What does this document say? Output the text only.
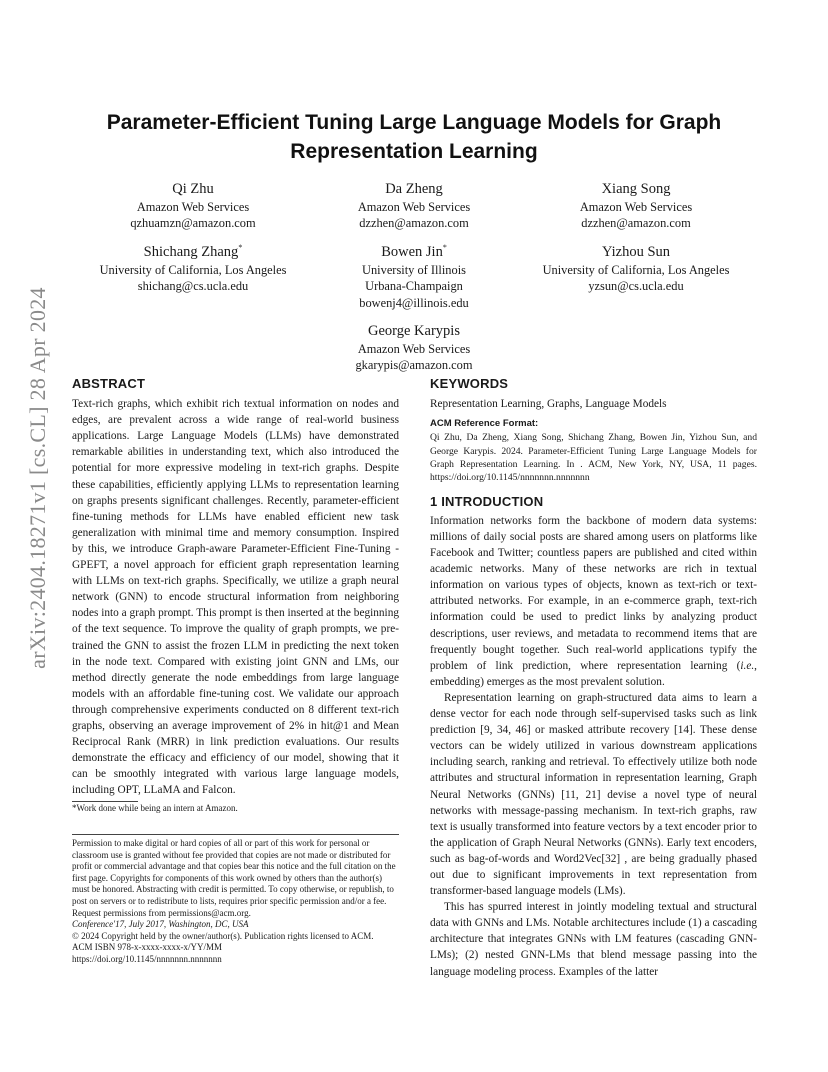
arXiv:2404.18271v1 [cs.CL] 28 Apr 2024
Parameter-Efficient Tuning Large Language Models for Graph
Representation Learning
Qi Zhu
Amazon Web Services
qzhuamzn@amazon.com
Da Zheng
Amazon Web Services
dzzhen@amazon.com
Xiang Song
Amazon Web Services
dzzhen@amazon.com
Shichang Zhang*
University of California, Los Angeles
shichang@cs.ucla.edu
Bowen Jin*
University of Illinois
Urbana-Champaign
bowenj4@illinois.edu
Yizhou Sun
University of California, Los Angeles
yzsun@cs.ucla.edu
George Karypis
Amazon Web Services
gkarypis@amazon.com
ABSTRACT

Text-rich graphs, which exhibit rich textual information on nodes and edges, are prevalent across a wide range of real-world business applications. Large Language Models (LLMs) have demonstrated remarkable abilities in understanding text, which also introduced the potential for more expressive modeling in text-rich graphs. Despite these capabilities, efficiently applying LLMs to representation learning on graphs presents significant challenges. Recently, parameter-efficient fine-tuning methods for LLMs have enabled efficient new task generalization with minimal time and memory consumption. Inspired by this, we introduce Graph-aware Parameter-Efficient Fine-Tuning - GPEFT, a novel approach for efficient graph representation learning with LLMs on text-rich graphs. Specifically, we utilize a graph neural network (GNN) to encode structural information from neighboring nodes into a graph prompt. This prompt is then inserted at the beginning of the text sequence. To improve the quality of graph prompts, we pre-trained the GNN to assist the frozen LLM in predicting the next token in the node text. Compared with existing joint GNN and LMs, our method directly generate the node embeddings from large language models with an affordable fine-tuning cost. We validate our approach through comprehensive experiments conducted on 8 different text-rich graphs, observing an average improvement of 2% in hit@1 and Mean Reciprocal Rank (MRR) in link prediction evaluations. Our results demonstrate the efficacy and efficiency of our model, showing that it can be smoothly integrated with various large language models, including OPT, LLaMA and Falcon.

*Work done while being an intern at Amazon.

Permission to make digital or hard copies of all or part of this work for personal or classroom use is granted without fee provided that copies are not made or distributed for profit or commercial advantage and that copies bear this notice and the full citation on the first page. Copyrights for components of this work owned by others than the author(s) must be honored. Abstracting with credit is permitted. To copy otherwise, or republish, to post on servers or to redistribute to lists, requires prior specific permission and/or a fee. Request permissions from permissions@acm.org.

Conference'17, July 2017, Washington, DC, USA
© 2024 Copyright held by the owner/author(s). Publication rights licensed to ACM.
ACM ISBN 978-x-xxxx-xxxx-x/YY/MM
https://doi.org/10.1145/nnnnnnn.nnnnnnn
KEYWORDS
Representation Learning, Graphs, Language Models
ACM Reference Format:
Qi Zhu, Da Zheng, Xiang Song, Shichang Zhang, Bowen Jin, Yizhou Sun, and George Karypis. 2024. Parameter-Efficient Tuning Large Language Models for Graph Representation Learning. In . ACM, New York, NY, USA, 11 pages. https://doi.org/10.1145/nnnnnnn.nnnnnnn
1 INTRODUCTION

Information networks form the backbone of modern data systems: millions of daily social posts are shared among users on platforms like Facebook and Twitter; countless papers are published and cited within academic networks. Many of these networks are rich in textual information on various types of objects, known as text-rich or text-attributed networks. For example, in an e-commerce graph, text-rich information could be used to predict links by analyzing product descriptions, user reviews, and metadata to recommend items that are frequently bought together. Such real-world applications typify the problem of link prediction, where representation learning (i.e., embedding) emerges as the most prevalent solution.

Representation learning on graph-structured data aims to learn a dense vector for each node through self-supervised tasks such as link prediction [9, 34, 46] or masked attribute recovery [14]. These dense vectors can be widely utilized in various downstream applications including search, ranking and retrieval. To effectively utilize both node attributes and structural information in representation learning, Graph Neural Networks (GNNs) [11, 21] devise a novel type of neural networks with message-passing mechanism. In text-rich graphs, raw text is usually transformed into feature vectors by a text encoder prior to the application of Graph Neural Networks (GNNs). Early text encoders, such as bag-of-words and Word2Vec[32] , are being gradually phased out due to significant improvements in text representation from transformer-based language models (LMs).

This has spurred interest in jointly modeling textual and structural data with GNNs and LMs. Notable architectures include (1) a cascading architecture that integrates GNNs with LM features (cascading GNN-LMs); (2) nested GNN-LMs that blend message passing into the language modeling process. Examples of the latter
